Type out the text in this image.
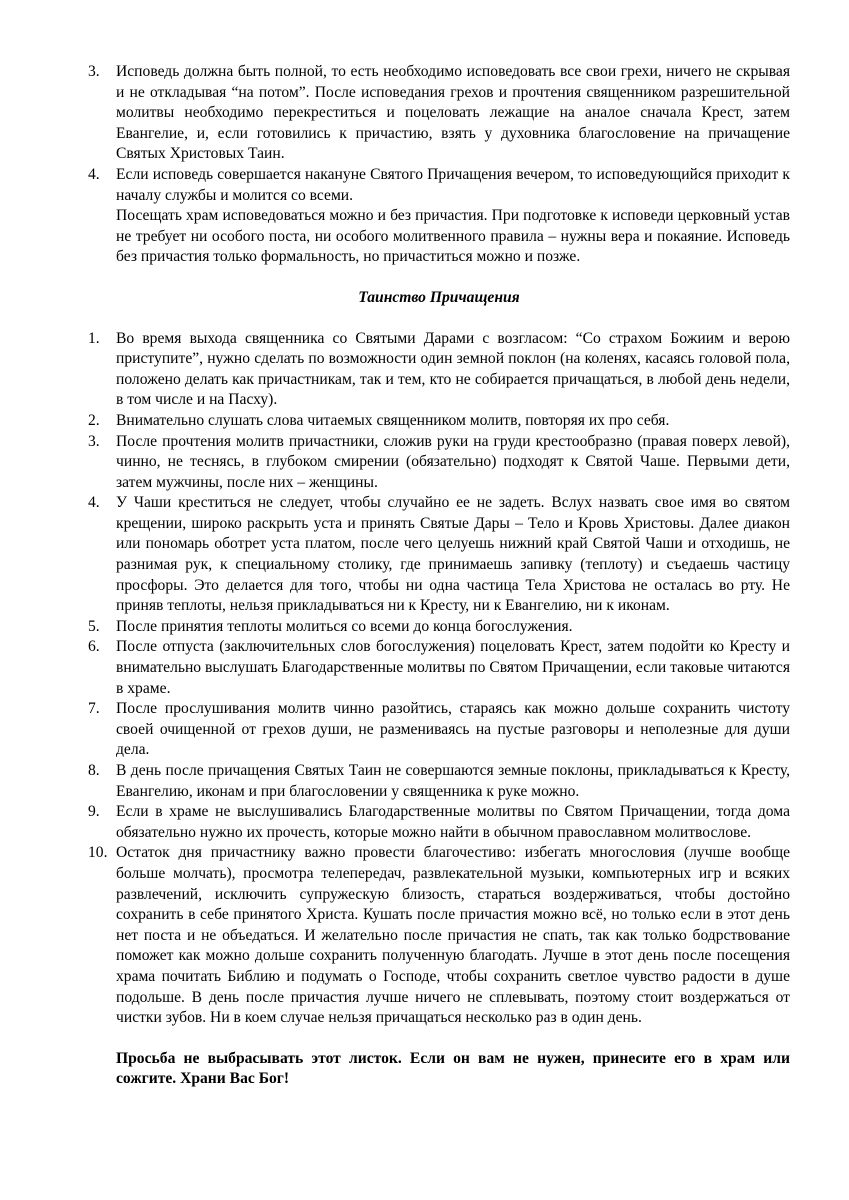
3.	Исповедь должна быть полной, то есть необходимо исповедовать все свои грехи, ничего не скрывая и не откладывая “на потом”. После исповедания грехов и прочтения священником разрешительной молитвы необходимо перекреститься и поцеловать лежащие на аналое сначала Крест, затем Евангелие, и, если готовились к причастию, взять у духовника благословение на причащение Святых Христовых Таин.

4.	Если исповедь совершается накануне Святого Причащения вечером, то исповедующийся приходит к началу службы и молится со всеми.

Посещать храм исповедоваться можно и без причастия. При подготовке к исповеди церковный устав не требует ни особого поста, ни особого молитвенного правила – нужны вера и покаяние. Исповедь без причастия только формальность, но причаститься можно и позже.

Таинство Причащения
1.	Во время выхода священника со Святыми Дарами с возгласом: “Со страхом Божиим и верою приступите”, нужно сделать по возможности один земной поклон (на коленях, касаясь головой пола, положено делать как причастникам, так и тем, кто не собирается причащаться, в любой день недели, в том числе и на Пасху).

2.	Внимательно слушать слова читаемых священником молитв, повторяя их про себя.

3.	После прочтения молитв причастники, сложив руки на груди крестообразно (правая поверх левой), чинно, не теснясь, в глубоком смирении (обязательно) подходят к Святой Чаше. Первыми дети, затем мужчины, после них – женщины.

4.	У Чаши креститься не следует, чтобы случайно ее не задеть. Вслух назвать свое имя во святом крещении, широко раскрыть уста и принять Святые Дары – Тело и Кровь Христовы. Далее диакон или пономарь оботрет уста платом, после чего целуешь нижний край Святой Чаши и отходишь, не разнимая рук, к специальному столику, где принимаешь запивку (теплоту) и съедаешь частицу просфоры. Это делается для того, чтобы ни одна частица Тела Христова не осталась во рту. Не приняв теплоты, нельзя прикладываться ни к Кресту, ни к Евангелию, ни к иконам.

5.	После принятия теплоты молиться со всеми до конца богослужения.

6.	После отпуста (заключительных слов богослужения) поцеловать Крест, затем подойти ко Кресту и внимательно выслушать Благодарственные молитвы по Святом Причащении, если таковые читаются в храме.

7.	После прослушивания молитв чинно разойтись, стараясь как можно дольше сохранить чистоту своей очищенной от грехов души, не размениваясь на пустые разговоры и неполезные для души дела.

8.	В день после причащения Святых Таин не совершаются земные поклоны, прикладываться к Кресту, Евангелию, иконам и при благословении у священника к руке можно.

9.	Если в храме не выслушивались Благодарственные молитвы по Святом Причащении, тогда дома обязательно нужно их прочесть, которые можно найти в обычном православном молитвослове.

10. Остаток дня причастнику важно провести благочестиво: избегать многословия (лучше вообще больше молчать), просмотра телепередач, развлекательной музыки, компьютерных игр и всяких развлечений, исключить супружескую близость, стараться воздерживаться, чтобы достойно сохранить в себе принятого Христа. Кушать после причастия можно всё, но только если в этот день нет поста и не объедаться. И желательно после причастия не спать, так как только бодрствование поможет как можно дольше сохранить полученную благодать. Лучше в этот день после посещения храма почитать Библию и подумать о Господе, чтобы сохранить светлое чувство радости в душе подольше. В день после причастия лучше ничего не сплевывать, поэтому стоит воздержаться от чистки зубов. Ни в коем случае нельзя причащаться несколько раз в один день.

Просьба не выбрасывать этот листок. Если он вам не нужен, принесите его в храм или сожгите. Храни Вас Бог!
